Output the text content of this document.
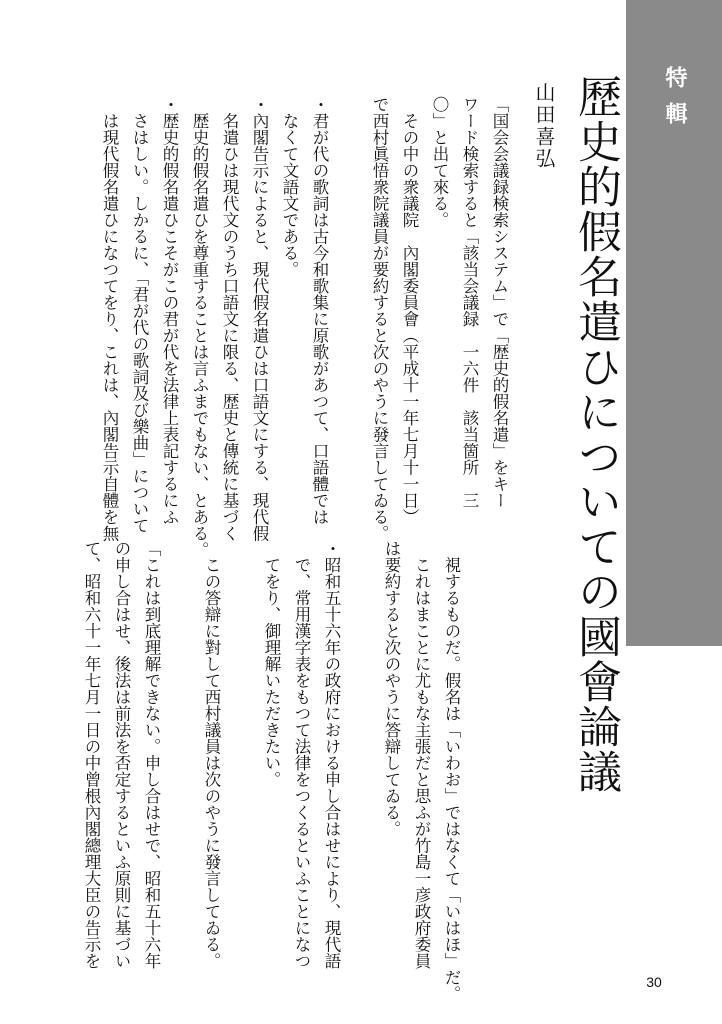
特輯
歷史的假名遣ひについての國會論議
山田喜弘
「国会会議録検索システム」で「歴史的假名遣」をキー
ワード検索すると「該当会議録　一六件　該当箇所　三
〇」と出て來る。
　その中の衆議院　內閣委員會（平成十一年七月十一日）
で西村眞悟衆院議員が要約すると次のやうに發言してゐる。
・君が代の歌詞は古今和歌集に原歌があつて、口語體では
　なくて文語文である。
・內閣告示によると、現代假名遣ひは口語文にする、現代假
　名遣ひは現代文のうち口語文に限る、歴史と傳統に基づく
　歴史的假名遣ひを尊重することは言ふまでもない、とある。
・歴史的假名遣ひこそがこの君が代を法律上表記するにふ
　さはしい。しかるに、「君が代の歌詞及び樂曲」について
　は現代假名遣ひになつてをり、これは、內閣告示自體を無
　視するものだ。假名は「いわお」ではなくて「いはほ」だ。
　これはまことに尤もな主張だと思ふが竹島一彦政府委員
は要約すると次のやうに答辯してゐる。
・昭和五十六年の政府における申し合はせにより、現代語
　で、常用漢字表をもつて法律をつくるといふことになつ
　てをり、御理解いただきたい。
　この答辯に對して西村議員は次のやうに發言してゐる。
「これは到底理解できない。申し合はせで、昭和五十六年
の申し合はせ、後法は前法を否定するといふ原則に基づい
て、昭和六十一年七月一日の中曾根內閣總理大臣の告示を
30
